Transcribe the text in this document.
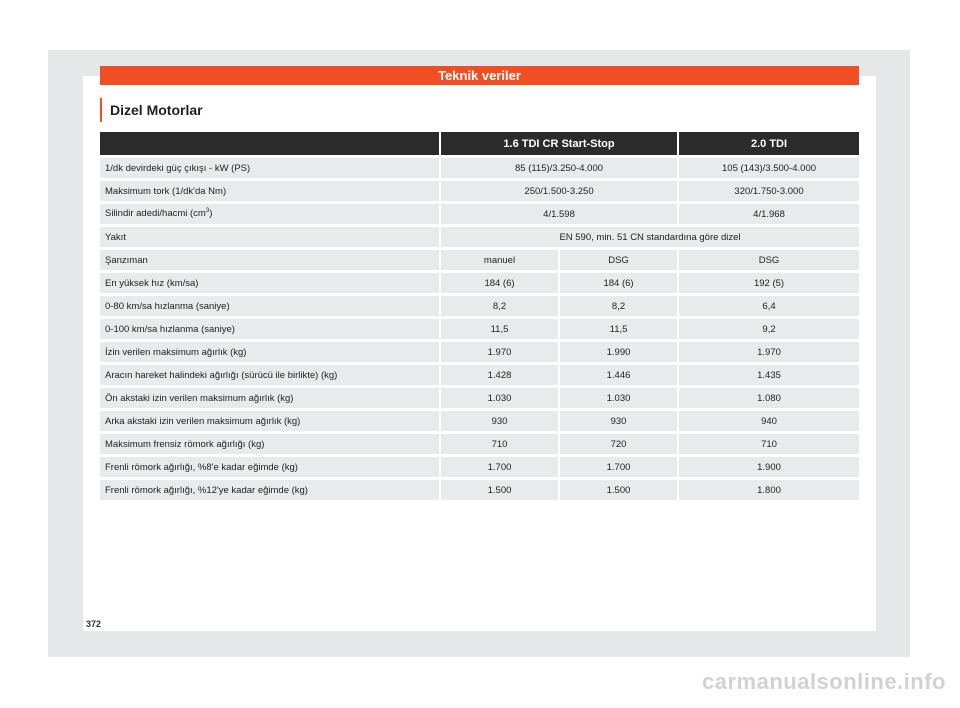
Teknik veriler
Dizel Motorlar
	1.6 TDI CR Start-Stop		2.0 TDI
1/dk devirdeki güç çıkışı - kW (PS)	85 (115)/3.250-4.000		105 (143)/3.500-4.000
Maksimum tork (1/dk'da Nm)	250/1.500-3.250		320/1.750-3.000
Silindir adedi/hacmi $(cm^3)$	4/1.598		4/1.968
Yakıt	EN 590, min. 51 CN standardına göre dizel		
Şanzıman	manuel	DSG	DSG
En yüksek hız (km/sa)	184 (6)	184 (6)	192 (5)
0-80 km/sa hızlanma (saniye)	8,2	8,2	6,4
0-100 km/sa hızlanma (saniye)	11,5	11,5	9,2
İzin verilen maksimum ağırlık (kg)	1.970	1.990	1.970
Aracın hareket halindeki ağırlığı (sürücü ile birlikte) (kg)	1.428	1.446	1.435
Ön akstaki izin verilen maksimum ağırlık (kg)	1.030	1.030	1.080
Arka akstaki izin verilen maksimum ağırlık (kg)	930	930	940
Maksimum frensiz römork ağırlığı (kg)	710	720	710
Frenli römork ağırlığı, %8'e kadar eğimde (kg)	1.700	1.700	1.900
Frenli römork ağırlığı, %12'ye kadar eğimde (kg)	1.500	1.500	1.800
372
carmanualsonline.info
